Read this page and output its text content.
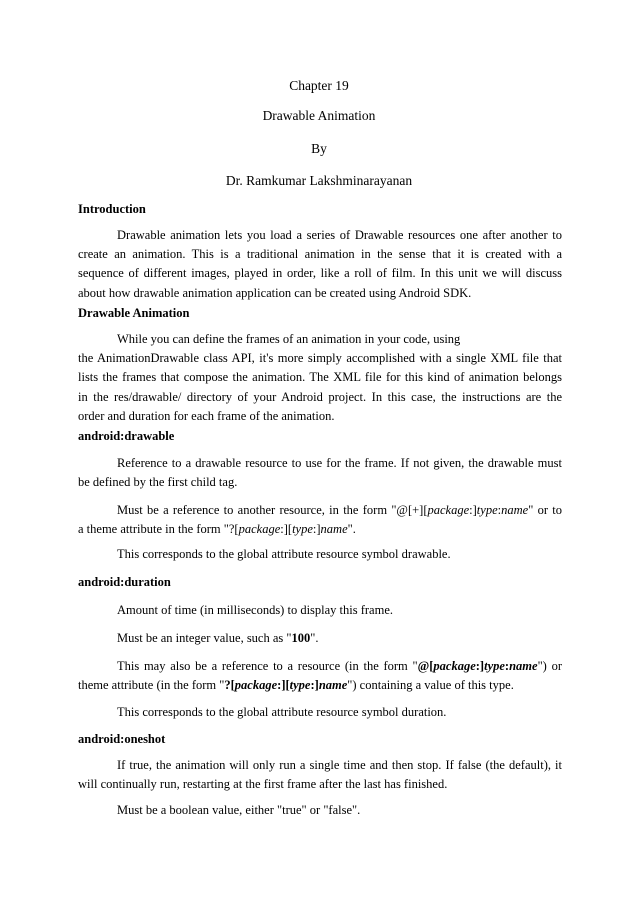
Chapter 19
Drawable Animation
By
Dr. Ramkumar Lakshminarayanan
Introduction
Drawable animation lets you load a series of Drawable resources one after another to
create an animation. This is a traditional animation in the sense that it is created with a
sequence of different images, played in order, like a roll of film. In this unit we will discuss
about how drawable animation application can be created using Android SDK.
Drawable Animation
While you can define the frames of an animation in your code, using
the AnimationDrawable class API, it's more simply accomplished with a single XML file that
lists the frames that compose the animation. The XML file for this kind of animation belongs
in the res/drawable/ directory of your Android project. In this case, the instructions are the
order and duration for each frame of the animation.
android:drawable
Reference to a drawable resource to use for the frame. If not given, the drawable must
be defined by the first child tag.
Must be a reference to another resource, in the form "@[+][package:]type:name" or to
a theme attribute in the form "?[package:][type:]name".
This corresponds to the global attribute resource symbol drawable.
android:duration
Amount of time (in milliseconds) to display this frame.
Must be an integer value, such as "100".
This may also be a reference to a resource (in the form "@[package:]type:name") or
theme attribute (in the form "?[package:][type:]name") containing a value of this type.
This corresponds to the global attribute resource symbol duration.
android:oneshot
If true, the animation will only run a single time and then stop. If false (the default), it
will continually run, restarting at the first frame after the last has finished.
Must be a boolean value, either "true" or "false".
